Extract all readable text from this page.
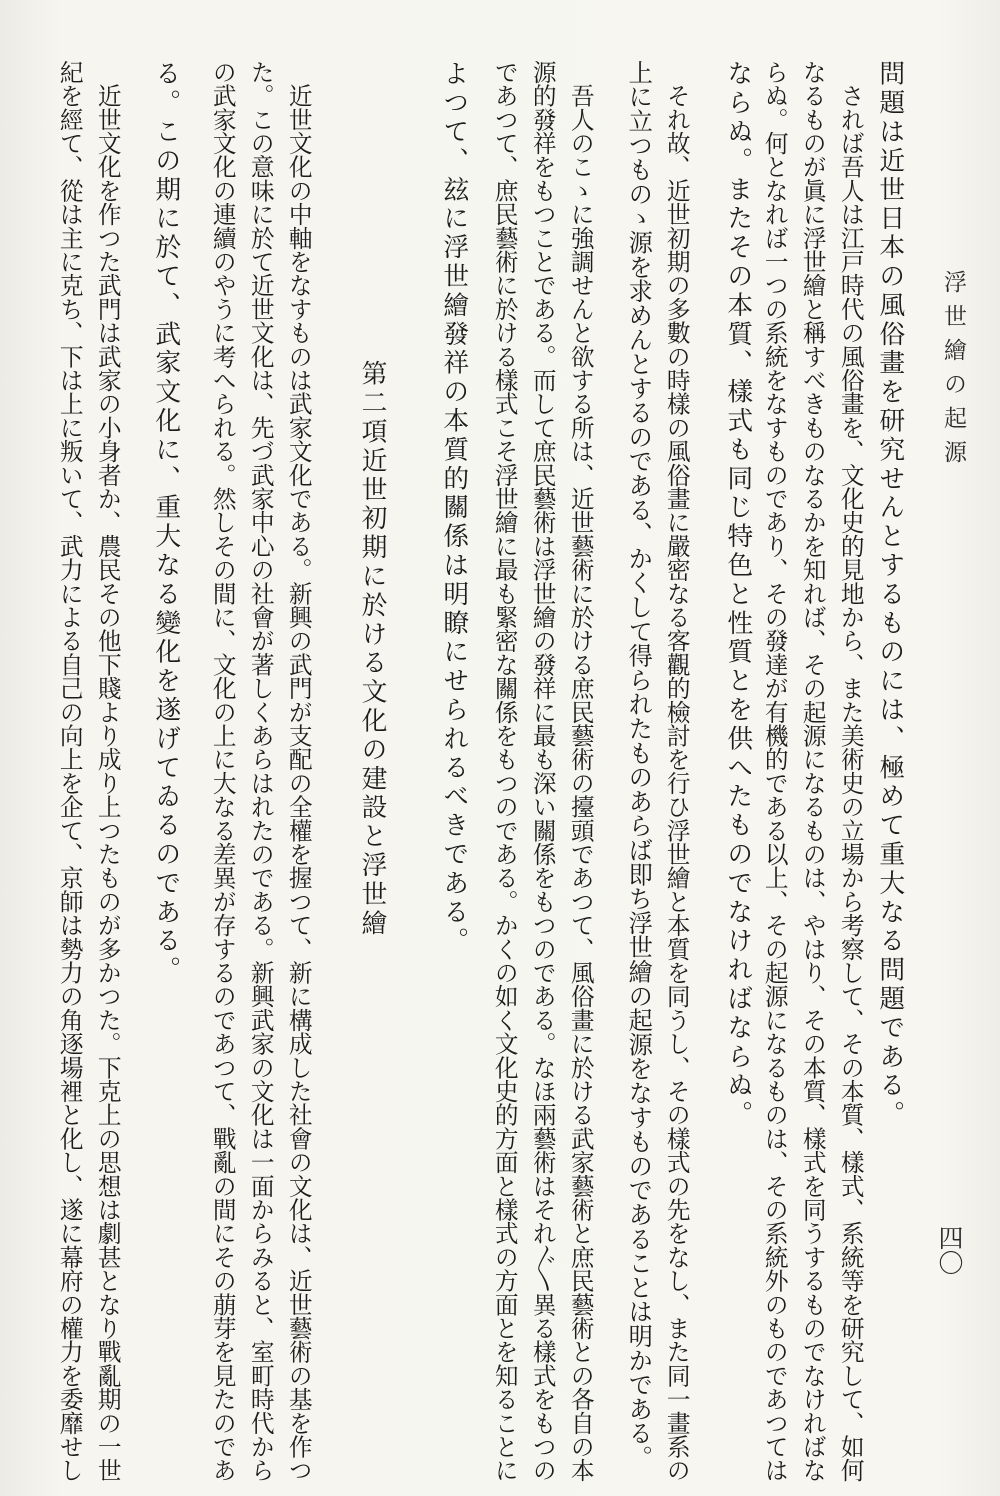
浮世繪の起源
四〇
問題は近世日本の風俗畫を研究せんとするものには、極めて重大なる問題である。
　されば吾人は江戸時代の風俗畫を、文化史的見地から、また美術史の立場から考察して、その本質、樣式、系統等を研究して、如何
なるものが眞に浮世繪と稱すべきものなるかを知れば、その起源になるものは、やはり、その本質、樣式を同うするものでなければな
らぬ。何となれば一つの系統をなすものであり、その發達が有機的である以上、その起源になるものは、その系統外のものであつては
ならぬ。またその本質、樣式も同じ特色と性質とを供へたものでなければならぬ。
　それ故、近世初期の多數の時樣の風俗畫に嚴密なる客觀的檢討を行ひ浮世繪と本質を同うし、その樣式の先をなし、また同一畫系の
上に立つものゝ源を求めんとするのである、かくして得られたものあらば即ち浮世繪の起源をなすものであることは明かである。
　吾人のこゝに強調せんと欲する所は、近世藝術に於ける庶民藝術の擡頭であつて、風俗畫に於ける武家藝術と庶民藝術との各自の本
源的發祥をもつことである。而して庶民藝術は浮世繪の發祥に最も深い關係をもつのである。なほ兩藝術はそれ〴〵異る樣式をもつの
であつて、庶民藝術に於ける樣式こそ浮世繪に最も緊密な關係をもつのである。かくの如く文化史的方面と樣式の方面とを知ることに
よつて、玆に浮世繪發祥の本質的關係は明瞭にせられるべきである。
第二項近世初期に於ける文化の建設と浮世繪
　近世文化の中軸をなすものは武家文化である。新興の武門が支配の全權を握つて、新に構成した社會の文化は、近世藝術の基を作つ
た。この意味に於て近世文化は、先づ武家中心の社會が著しくあらはれたのである。新興武家の文化は一面からみると、室町時代から
の武家文化の連續のやうに考へられる。然しその間に、文化の上に大なる差異が存するのであつて、戰亂の間にその萠芽を見たのであ
る。この期に於て、武家文化に、重大なる變化を遂げてゐるのである。
　近世文化を作つた武門は武家の小身者か、農民その他下賤より成り上つたものが多かつた。下克上の思想は劇甚となり戰亂期の一世
紀を經て、從は主に克ち、下は上に叛いて、武力による自己の向上を企て、京師は勢力の角逐場裡と化し、遂に幕府の權力を委靡せし
